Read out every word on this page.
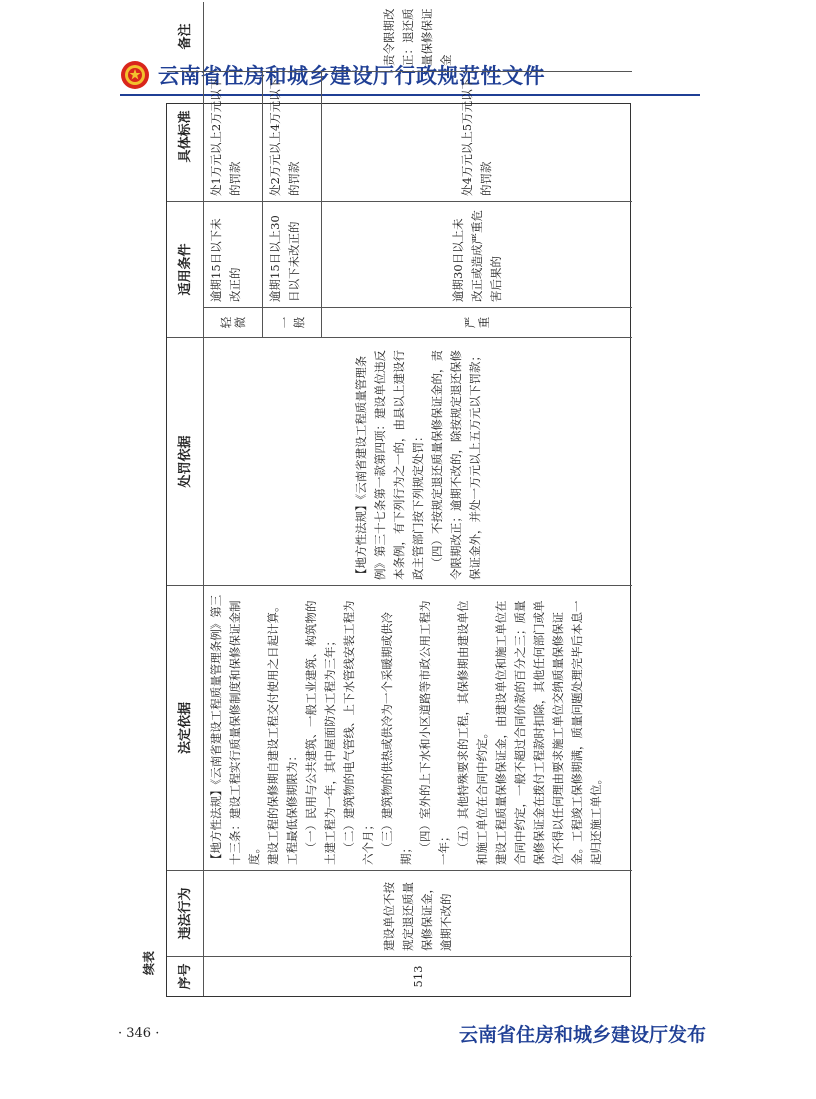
云南省住房和城乡建设厅行政规范性文件
续表
序号
违法行为
法定依据
处罚依据
适用条件
具体标准
备注
513
建设单位不按规定退还质量保修保证金，逾期不改的

【地方性法规】《云南省建设工程质量管理条例》第三十三条：建设工程实行质量保修制度和保修保证金制度。 建设工程的保修期自建设工程交付使用之日起计算。 工程最低保修期限为： （一）民用与公共建筑、一般工业建筑、构筑物的土建工程为一年，其中屋面防水工程为三年； （二）建筑物的电气管线、上下水管线安装工程为六个月； （三）建筑物的供热或供冷为一个采暖期或供冷期； （四）室外的上下水和小区道路等市政公用工程为一年； （五）其他特殊要求的工程，其保修期由建设单位和施工单位在合同中约定。 建设工程质量保修保证金，由建设单位和施工单位在合同中约定，一般不超过合同价款的百分之三；质量保修保证金在拨付工程款时扣除，其他任何部门或单位不得以任何理由要求施工单位交纳质量保修保证金。工程竣工保修期满，质量问题处理完毕后本息一起归还施工单位。

【地方性法规】《云南省建设工程质量管理条例》第三十七条第一款第四项：建设单位违反本条例，有下列行为之一的，由县以上建设行政主管部门按下列规定处罚： （四）不按规定退还质量保修保证金的，责令限期改正；逾期不改的，除按规定退还保修保证金外，并处一万元以上五万元以下罚款；

轻微
逾期15日以下未改正的
处1万元以上2万元以下的罚款
一般
逾期15日以上30日以下未改正的
处2万元以上4万元以下的罚款
严重
逾期30日以上未改正或造成严重危害后果的
处4万元以上5万元以下的罚款
责令限期改正：退还质量保修保证金
· 346 ·	云南省住房和城乡建设厅发布
